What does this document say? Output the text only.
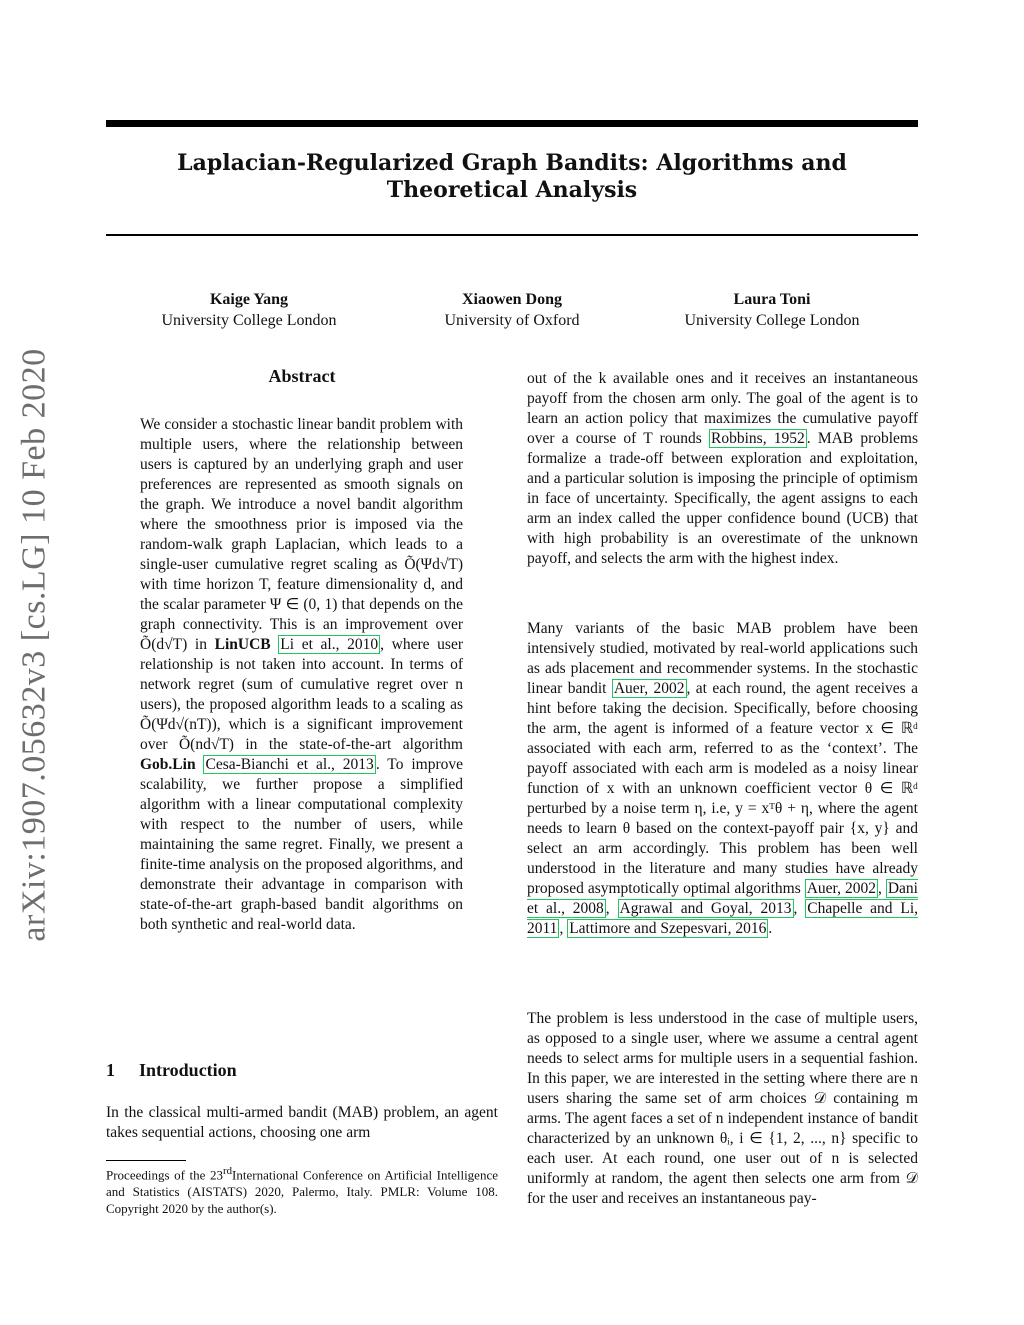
Laplacian-Regularized Graph Bandits: Algorithms and Theoretical Analysis
arXiv:1907.05632v3 [cs.LG] 10 Feb 2020
Kaige Yang
University College London
Xiaowen Dong
University of Oxford
Laura Toni
University College London
Abstract

We consider a stochastic linear bandit problem with multiple users, where the relationship between users is captured by an underlying graph and user preferences are represented as smooth signals on the graph. We introduce a novel bandit algorithm where the smoothness prior is imposed via the random-walk graph Laplacian, which leads to a single-user cumulative regret scaling as Õ(Ψd√T) with time horizon T, feature dimensionality d, and the scalar parameter Ψ ∈ (0, 1) that depends on the graph connectivity. This is an improvement over Õ(d√T) in LinUCB Li et al., 2010 , where user relationship is not taken into account. In terms of network regret (sum of cumulative regret over n users), the proposed algorithm leads to a scaling as Õ(Ψd√(nT)), which is a significant improvement over Õ(nd√T) in the state-of-the-art algorithm Gob.Lin Cesa-Bianchi et al., 2013 . To improve scalability, we further propose a simplified algorithm with a linear computational complexity with respect to the number of users, while maintaining the same regret. Finally, we present a finite-time analysis on the proposed algorithms, and demonstrate their advantage in comparison with state-of-the-art graph-based bandit algorithms on both synthetic and real-world data.

1 Introduction

In the classical multi-armed bandit (MAB) problem, an agent takes sequential actions, choosing one arm

Proceedings of the 23rdInternational Conference on Artificial Intelligence and Statistics (AISTATS) 2020, Palermo, Italy. PMLR: Volume 108. Copyright 2020 by the author(s).

out of the k available ones and it receives an instantaneous payoff from the chosen arm only. The goal of the agent is to learn an action policy that maximizes the cumulative payoff over a course of T rounds Robbins, 1952 . MAB problems formalize a trade-off between exploration and exploitation, and a particular solution is imposing the principle of optimism in face of uncertainty. Specifically, the agent assigns to each arm an index called the upper confidence bound (UCB) that with high probability is an overestimate of the unknown payoff, and selects the arm with the highest index.

Many variants of the basic MAB problem have been intensively studied, motivated by real-world applications such as ads placement and recommender systems. In the stochastic linear bandit Auer, 2002 , at each round, the agent receives a hint before taking the decision. Specifically, before choosing the arm, the agent is informed of a feature vector x ∈ ℝᵈ associated with each arm, referred to as the ‘context’. The payoff associated with each arm is modeled as a noisy linear function of x with an unknown coefficient vector θ ∈ ℝᵈ perturbed by a noise term η, i.e, y = xᵀθ + η, where the agent needs to learn θ based on the context-payoff pair {x, y} and select an arm accordingly. This problem has been well understood in the literature and many studies have already proposed asymptotically optimal algorithms Auer, 2002 , Dani et al., 2008 , Agrawal and Goyal, 2013 , Chapelle and Li, 2011 , Lattimore and Szepesvari, 2016 .

The problem is less understood in the case of multiple users, as opposed to a single user, where we assume a central agent needs to select arms for multiple users in a sequential fashion. In this paper, we are interested in the setting where there are n users sharing the same set of arm choices 𝒟 containing m arms. The agent faces a set of n independent instance of bandit characterized by an unknown θᵢ, i ∈ {1, 2, ..., n} specific to each user. At each round, one user out of n is selected uniformly at random, the agent then selects one arm from 𝒟 for the user and receives an instantaneous pay-
